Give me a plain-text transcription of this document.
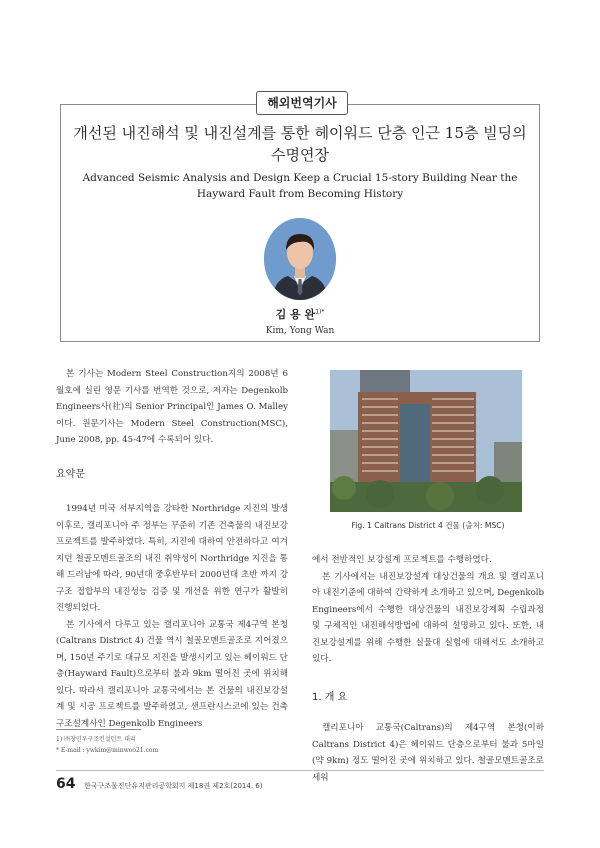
해외번역기사
개선된 내진해석 및 내진설계를 통한 헤이워드 단층 인근 15층 빌딩의
수명연장
Advanced Seismic Analysis and Design Keep a Crucial 15-story Building Near the
Hayward Fault from Becoming History
김 용 완$^{1)*}$
Kim, Yong Wan

본 기사는 Modern Steel Construction지의 2008년 6월호에 실린 영문 기사를 번역한 것으로, 저자는 Degenkolb Engineers사(社)의 Senior Principal인 James O. Malley이다. 원문기사는 Modern Steel Construction(MSC), June 2008, pp. 45-47에 수록되어 있다.

요약문

1994년 미국 서부지역을 강타한 Northridge 지진의 발생 이후로, 캘리포니아 주 정부는 꾸준히 기존 건축물의 내진보강 프로젝트를 발주하였다. 특히, 지진에 대하여 안전하다고 여겨지던 철골모멘트골조의 내진 취약성이 Northridge 지진을 통해 드러남에 따라, 90년대 중후반부터 2000년대 초반 까지 강구조 접합부의 내진성능 검증 및 개선을 위한 연구가 활발히 진행되었다.

본 기사에서 다루고 있는 캘리포니아 교통국 제4구역 본청(Caltrans District 4) 건물 역시 철골모멘트골조로 지어졌으며, 150년 주기로 대규모 지진을 발생시키고 있는 헤이워드 단층(Hayward Fault)으로부터 불과 9km 떨어진 곳에 위치해있다. 따라서 캘리포니아 교통국에서는 본 건물의 내진보강설계 및 시공 프로젝트를 발주하였고, 샌프란시스코에 있는 건축구조설계사인 Degenkolb Engineers

Fig. 1 Caltrans District 4 건물 (출처: MSC)

에서 전반적인 보강설계 프로젝트를 수행하였다.

본 기사에서는 내진보강설계 대상건물의 개요 및 캘리포니아 내진기준에 대하여 간략하게 소개하고 있으며, Degenkolb Engineers에서 수행한 대상건물의 내진보강계획 수립과정 및 구체적인 내진해석방법에 대하여 설명하고 있다. 또한, 내진보강설계를 위해 수행한 실물대 실험에 대해서도 소개하고 있다.

1. 개 요

캘리포니아 교통국(Caltrans)의 제4구역 본청(이하 Caltrans District 4)은 헤이워드 단층으로부터 불과 5마일(약 9km) 정도 떨어진 곳에 위치하고 있다. 철골모멘트골조로 세워

1) ㈜창민우구조컨설턴트 대리
* E-mail : ywkim@minwoo21.com
64 한국구조물진단유지관리공학회지 제18권 제2호(2014. 6)
